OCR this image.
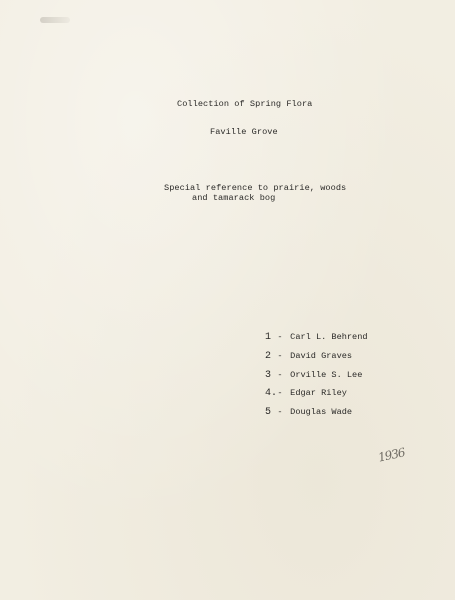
Collection of Spring Flora
Faville Grove
Special reference to prairie, woods
and tamarack bog
1 - Carl L. Behrend
2 - David Graves
3 - Orville S. Lee
4.- Edgar Riley
5 - Douglas Wade
1936
